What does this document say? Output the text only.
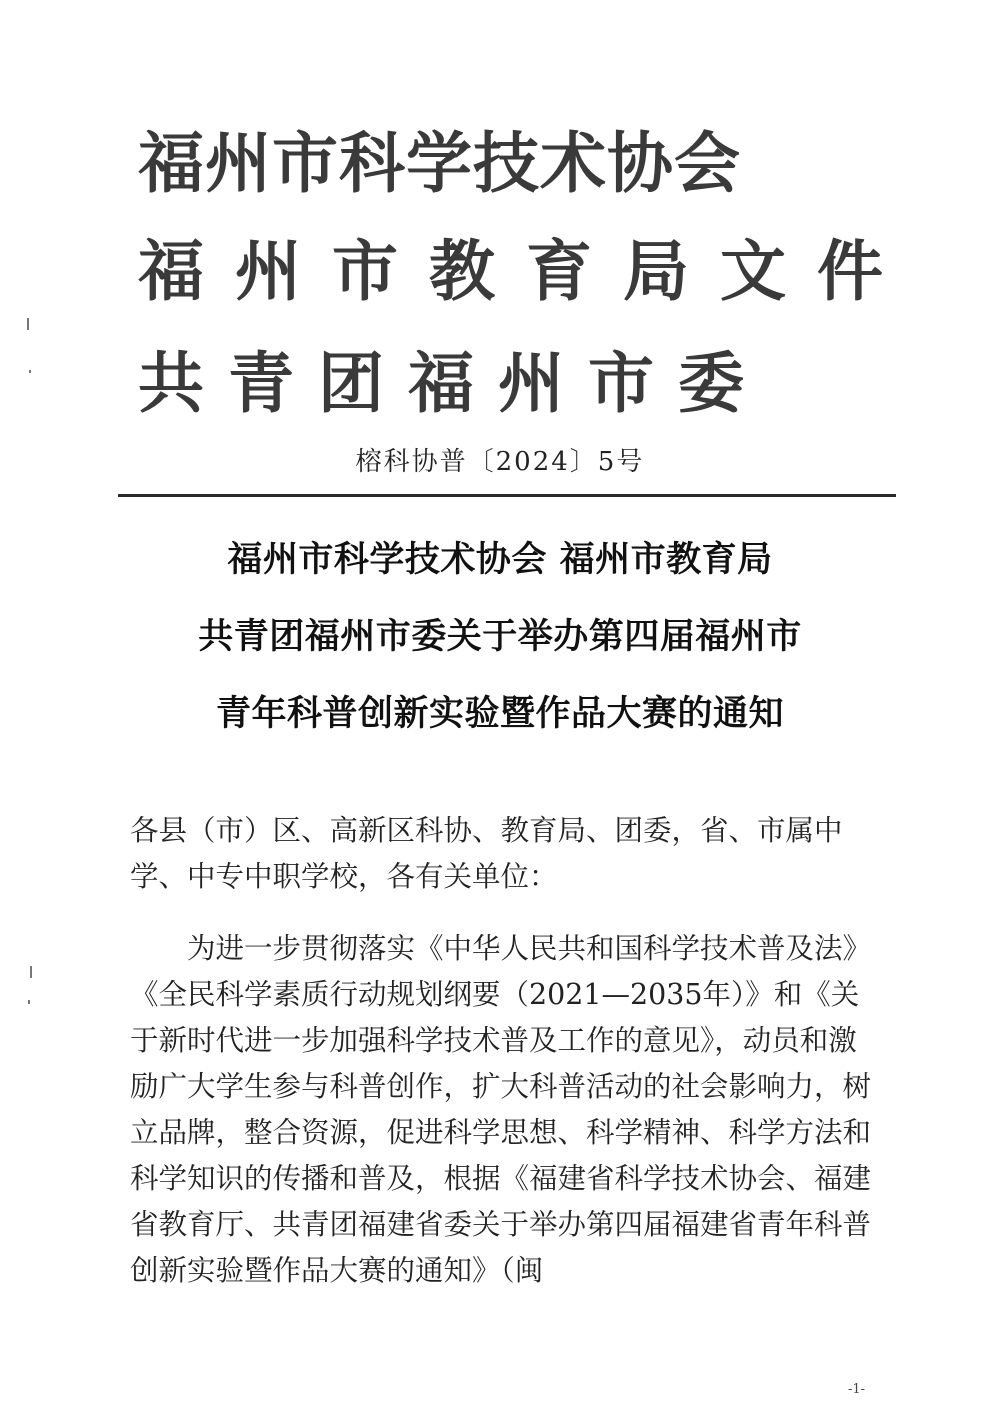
福州市科学技术协会

福州市教育局文件

共青团福州市委

榕科协普〔2024〕5号

福州市科学技术协会 福州市教育局

共青团福州市委关于举办第四届福州市

青年科普创新实验暨作品大赛的通知

各县（市）区、高新区科协、教育局、团委，省、市属中学、中专中职学校，各有关单位：

为进一步贯彻落实《中华人民共和国科学技术普及法》《全民科学素质行动规划纲要（2021—2035年）》和《关于新时代进一步加强科学技术普及工作的意见》，动员和激励广大学生参与科普创作，扩大科普活动的社会影响力，树立品牌，整合资源，促进科学思想、科学精神、科学方法和科学知识的传播和普及，根据《福建省科学技术协会、福建省教育厅、共青团福建省委关于举办第四届福建省青年科普创新实验暨作品大赛的通知》（闽

-1-
